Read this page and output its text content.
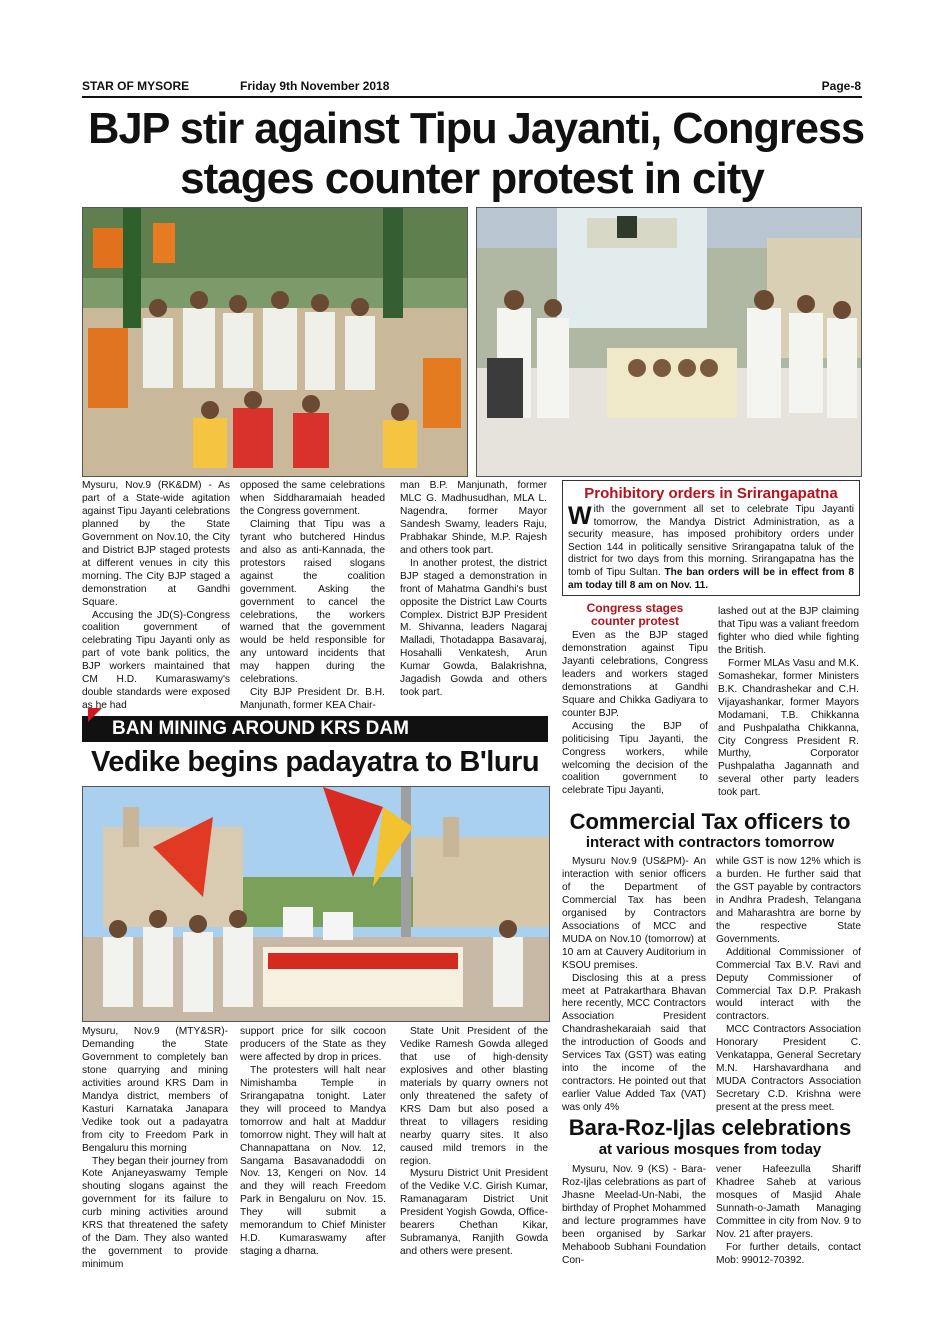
STAR OF MYSORE	Friday 9th November 2018	Page-8
BJP stir against Tipu Jayanti, Congress
stages counter protest in city

Mysuru, Nov.9 (RK&DM) - As part of a State-wide agitation against Tipu Jayanti celebrations planned by the State Government on Nov.10, the City and District BJP staged protests at different venues in city this morning. The City BJP staged a demonstration at Gandhi Square.

Accusing the JD(S)-Congress coalition government of celebrating Tipu Jayanti only as part of vote bank politics, the BJP workers maintained that CM H.D. Kumaraswamy's double standards were exposed as he had

opposed the same celebrations when Siddharamaiah headed the Congress government.

Claiming that Tipu was a tyrant who butchered Hindus and also as anti-Kannada, the protestors raised slogans against the coalition government. Asking the government to cancel the celebrations, the workers warned that the government would be held responsible for any untoward incidents that may happen during the celebrations.

City BJP President Dr. B.H. Manjunath, former KEA Chair-

man B.P. Manjunath, former MLC G. Madhusudhan, MLA L. Nagendra, former Mayor Sandesh Swamy, leaders Raju, Prabhakar Shinde, M.P. Rajesh and others took part.

In another protest, the district BJP staged a demonstration in front of Mahatma Gandhi's bust opposite the District Law Courts Complex. District BJP President M. Shivanna, leaders Nagaraj Malladi, Thotadappa Basavaraj, Hosahalli Venkatesh, Arun Kumar Gowda, Balakrishna, Jagadish Gowda and others took part.

Prohibitory orders in Srirangapatna
With the government all set to celebrate Tipu Jayanti tomorrow, the Mandya District Administration, as a security measure, has imposed prohibitory orders under Section 144 in politically sensitive Srirangapatna taluk of the district for two days from this morning. Srirangapatna has the tomb of Tipu Sultan. The ban orders will be in effect from 8 am today till 8 am on Nov. 11.
Congress stages
counter protest

Even as the BJP staged demonstration against Tipu Jayanti celebrations, Congress leaders and workers staged demonstrations at Gandhi Square and Chikka Gadiyara to counter BJP.

Accusing the BJP of politicising Tipu Jayanti, the Congress workers, while welcoming the decision of the coalition government to celebrate Tipu Jayanti,

lashed out at the BJP claiming that Tipu was a valiant freedom fighter who died while fighting the British.

Former MLAs Vasu and M.K. Somashekar, former Ministers B.K. Chandrashekar and C.H. Vijayashankar, former Mayors Modamani, T.B. Chikkanna and Pushpalatha Chikkanna, City Congress President R. Murthy, Corporator Pushpalatha Jagannath and several other party leaders took part.

BAN MINING AROUND KRS DAM
Vedike begins padayatra to B'luru

Mysuru, Nov.9 (MTY&SR)- Demanding the State Government to completely ban stone quarrying and mining activities around KRS Dam in Mandya district, members of Kasturi Karnataka Janapara Vedike took out a padayatra from city to Freedom Park in Bengaluru this morning

They began their journey from Kote Anjaneyaswamy Temple shouting slogans against the government for its failure to curb mining activities around KRS that threatened the safety of the Dam. They also wanted the government to provide minimum

support price for silk cocoon producers of the State as they were affected by drop in prices.

The protesters will halt near Nimishamba Temple in Srirangapatna tonight. Later they will proceed to Mandya tomorrow and halt at Maddur tomorrow night. They will halt at Channapattana on Nov. 12, Sangama Basavanadoddi on Nov. 13, Kengeri on Nov. 14 and they will reach Freedom Park in Bengaluru on Nov. 15. They will submit a memorandum to Chief Minister H.D. Kumaraswamy after staging a dharna.

State Unit President of the Vedike Ramesh Gowda alleged that use of high-density explosives and other blasting materials by quarry owners not only threatened the safety of KRS Dam but also posed a threat to villagers residing nearby quarry sites. It also caused mild tremors in the region.

Mysuru District Unit President of the Vedike V.C. Girish Kumar, Ramanagaram District Unit President Yogish Gowda, Office-bearers Chethan Kikar, Subramanya, Ranjith Gowda and others were present.

Commercial Tax officers to
interact with contractors tomorrow

Mysuru Nov.9 (US&PM)- An interaction with senior officers of the Department of Commercial Tax has been organised by Contractors Associations of MCC and MUDA on Nov.10 (tomorrow) at 10 am at Cauvery Auditorium in KSOU premises.

Disclosing this at a press meet at Patrakarthara Bhavan here recently, MCC Contractors Association President Chandrashekaraiah said that the introduction of Goods and Services Tax (GST) was eating into the income of the contractors. He pointed out that earlier Value Added Tax (VAT) was only 4%

while GST is now 12% which is a burden. He further said that the GST payable by contractors in Andhra Pradesh, Telangana and Maharashtra are borne by the respective State Governments.

Additional Commissioner of Commercial Tax B.V. Ravi and Deputy Commissioner of Commercial Tax D.P. Prakash would interact with the contractors.

MCC Contractors Association Honorary President C. Venkatappa, General Secretary M.N. Harshavardhana and MUDA Contractors Association Secretary C.D. Krishna were present at the press meet.

Bara-Roz-Ijlas celebrations
at various mosques from today

Mysuru, Nov. 9 (KS) - Bara-Roz-Ijlas celebrations as part of Jhasne Meelad-Un-Nabi, the birthday of Prophet Mohammed and lecture programmes have been organised by Sarkar Mehaboob Subhani Foundation Con-

vener Hafeezulla Shariff Khadree Saheb at various mosques of Masjid Ahale Sunnath-o-Jamath Managing Committee in city from Nov. 9 to Nov. 21 after prayers.

For further details, contact Mob: 99012-70392.
